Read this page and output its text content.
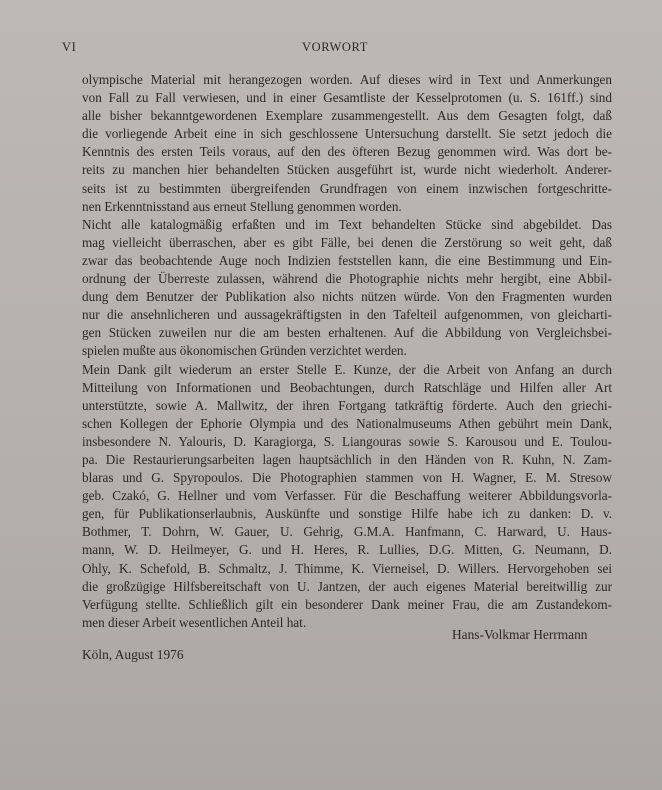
VI	VORWORT
olympische Material mit herangezogen worden. Auf dieses wird in Text und Anmerkungen
von Fall zu Fall verwiesen, und in einer Gesamtliste der Kesselprotomen (u. S. 161ff.) sind
alle bisher bekanntgewordenen Exemplare zusammengestellt. Aus dem Gesagten folgt, daß
die vorliegende Arbeit eine in sich geschlossene Untersuchung darstellt. Sie setzt jedoch die
Kenntnis des ersten Teils voraus, auf den des öfteren Bezug genommen wird. Was dort be-
reits zu manchen hier behandelten Stücken ausgeführt ist, wurde nicht wiederholt. Anderer-
seits ist zu bestimmten übergreifenden Grundfragen von einem inzwischen fortgeschritte-
nen Erkenntnisstand aus erneut Stellung genommen worden.
Nicht alle katalogmäßig erfaßten und im Text behandelten Stücke sind abgebildet. Das
mag vielleicht überraschen, aber es gibt Fälle, bei denen die Zerstörung so weit geht, daß
zwar das beobachtende Auge noch Indizien feststellen kann, die eine Bestimmung und Ein-
ordnung der Überreste zulassen, während die Photographie nichts mehr hergibt, eine Abbil-
dung dem Benutzer der Publikation also nichts nützen würde. Von den Fragmenten wurden
nur die ansehnlicheren und aussagekräftigsten in den Tafelteil aufgenommen, von gleicharti-
gen Stücken zuweilen nur die am besten erhaltenen. Auf die Abbildung von Vergleichsbei-
spielen mußte aus ökonomischen Gründen verzichtet werden.
Mein Dank gilt wiederum an erster Stelle E. Kunze, der die Arbeit von Anfang an durch
Mitteilung von Informationen und Beobachtungen, durch Ratschläge und Hilfen aller Art
unterstützte, sowie A. Mallwitz, der ihren Fortgang tatkräftig förderte. Auch den griechi-
schen Kollegen der Ephorie Olympia und des Nationalmuseums Athen gebührt mein Dank,
insbesondere N. Yalouris, D. Karagiorga, S. Liangouras sowie S. Karousou und E. Toulou-
pa. Die Restaurierungsarbeiten lagen hauptsächlich in den Händen von R. Kuhn, N. Zam-
blaras und G. Spyropoulos. Die Photographien stammen von H. Wagner, E. M. Stresow
geb. Czakó, G. Hellner und vom Verfasser. Für die Beschaffung weiterer Abbildungsvorla-
gen, für Publikationserlaubnis, Auskünfte und sonstige Hilfe habe ich zu danken: D. v.
Bothmer, T. Dohrn, W. Gauer, U. Gehrig, G.M.A. Hanfmann, C. Harward, U. Haus-
mann, W. D. Heilmeyer, G. und H. Heres, R. Lullies, D.G. Mitten, G. Neumann, D.
Ohly, K. Schefold, B. Schmaltz, J. Thimme, K. Vierneisel, D. Willers. Hervorgehoben sei
die großzügige Hilfsbereitschaft von U. Jantzen, der auch eigenes Material bereitwillig zur
Verfügung stellte. Schließlich gilt ein besonderer Dank meiner Frau, die am Zustandekom-
men dieser Arbeit wesentlichen Anteil hat.
Hans-Volkmar Herrmann
Köln, August 1976
